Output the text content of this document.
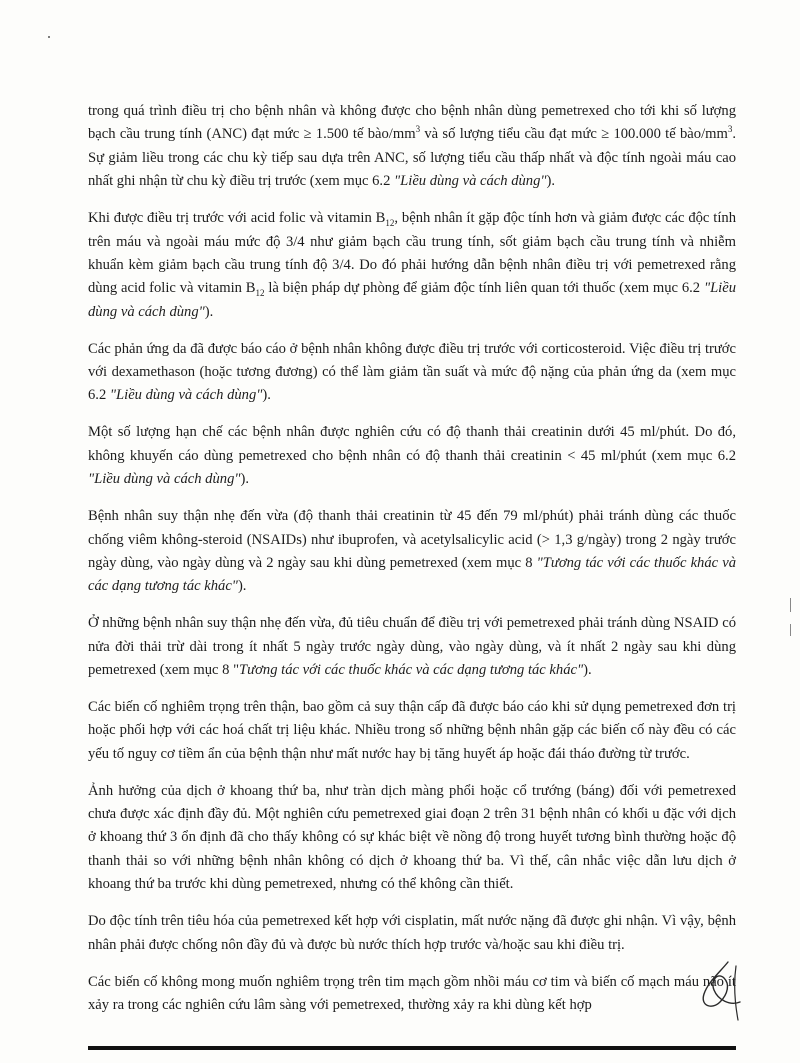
trong quá trình điều trị cho bệnh nhân và không được cho bệnh nhân dùng pemetrexed cho tới khi số lượng bạch cầu trung tính (ANC) đạt mức ≥ 1.500 tế bào/$mm^3$ và số lượng tiểu cầu đạt mức ≥ 100.000 tế bào/$mm^3$. Sự giảm liều trong các chu kỳ tiếp sau dựa trên ANC, số lượng tiểu cầu thấp nhất và độc tính ngoài máu cao nhất ghi nhận từ chu kỳ điều trị trước (xem mục 6.2 "Liều dùng và cách dùng").

Khi được điều trị trước với acid folic và vitamin $B_{12}$, bệnh nhân ít gặp độc tính hơn và giảm được các độc tính trên máu và ngoài máu mức độ 3/4 như giảm bạch cầu trung tính, sốt giảm bạch cầu trung tính và nhiễm khuẩn kèm giảm bạch cầu trung tính độ 3/4. Do đó phải hướng dẫn bệnh nhân điều trị với pemetrexed rằng dùng acid folic và vitamin $B_{12}$ là biện pháp dự phòng để giảm độc tính liên quan tới thuốc (xem mục 6.2 "Liều dùng và cách dùng").

Các phản ứng da đã được báo cáo ở bệnh nhân không được điều trị trước với corticosteroid. Việc điều trị trước với dexamethason (hoặc tương đương) có thể làm giảm tần suất và mức độ nặng của phản ứng da (xem mục 6.2 "Liều dùng và cách dùng").

Một số lượng hạn chế các bệnh nhân được nghiên cứu có độ thanh thải creatinin dưới 45 ml/phút. Do đó, không khuyến cáo dùng pemetrexed cho bệnh nhân có độ thanh thải creatinin < 45 ml/phút (xem mục 6.2 "Liều dùng và cách dùng").

Bệnh nhân suy thận nhẹ đến vừa (độ thanh thải creatinin từ 45 đến 79 ml/phút) phải tránh dùng các thuốc chống viêm không-steroid (NSAIDs) như ibuprofen, và acetylsalicylic acid (> 1,3 g/ngày) trong 2 ngày trước ngày dùng, vào ngày dùng và 2 ngày sau khi dùng pemetrexed (xem mục 8 "Tương tác với các thuốc khác và các dạng tương tác khác").

Ở những bệnh nhân suy thận nhẹ đến vừa, đủ tiêu chuẩn để điều trị với pemetrexed phải tránh dùng NSAID có nửa đời thải trừ dài trong ít nhất 5 ngày trước ngày dùng, vào ngày dùng, và ít nhất 2 ngày sau khi dùng pemetrexed (xem mục 8 "Tương tác với các thuốc khác và các dạng tương tác khác").

Các biến cố nghiêm trọng trên thận, bao gồm cả suy thận cấp đã được báo cáo khi sử dụng pemetrexed đơn trị hoặc phối hợp với các hoá chất trị liệu khác. Nhiều trong số những bệnh nhân gặp các biến cố này đều có các yếu tố nguy cơ tiềm ẩn của bệnh thận như mất nước hay bị tăng huyết áp hoặc đái tháo đường từ trước.

Ảnh hưởng của dịch ở khoang thứ ba, như tràn dịch màng phổi hoặc cổ trướng (báng) đối với pemetrexed chưa được xác định đầy đủ. Một nghiên cứu pemetrexed giai đoạn 2 trên 31 bệnh nhân có khối u đặc với dịch ở khoang thứ 3 ổn định đã cho thấy không có sự khác biệt về nồng độ trong huyết tương bình thường hoặc độ thanh thải so với những bệnh nhân không có dịch ở khoang thứ ba. Vì thế, cân nhắc việc dẫn lưu dịch ở khoang thứ ba trước khi dùng pemetrexed, nhưng có thể không cần thiết.

Do độc tính trên tiêu hóa của pemetrexed kết hợp với cisplatin, mất nước nặng đã được ghi nhận. Vì vậy, bệnh nhân phải được chống nôn đầy đủ và được bù nước thích hợp trước và/hoặc sau khi điều trị.

Các biến cố không mong muốn nghiêm trọng trên tim mạch gồm nhồi máu cơ tim và biến cố mạch máu não ít xảy ra trong các nghiên cứu lâm sàng với pemetrexed, thường xảy ra khi dùng kết hợp
